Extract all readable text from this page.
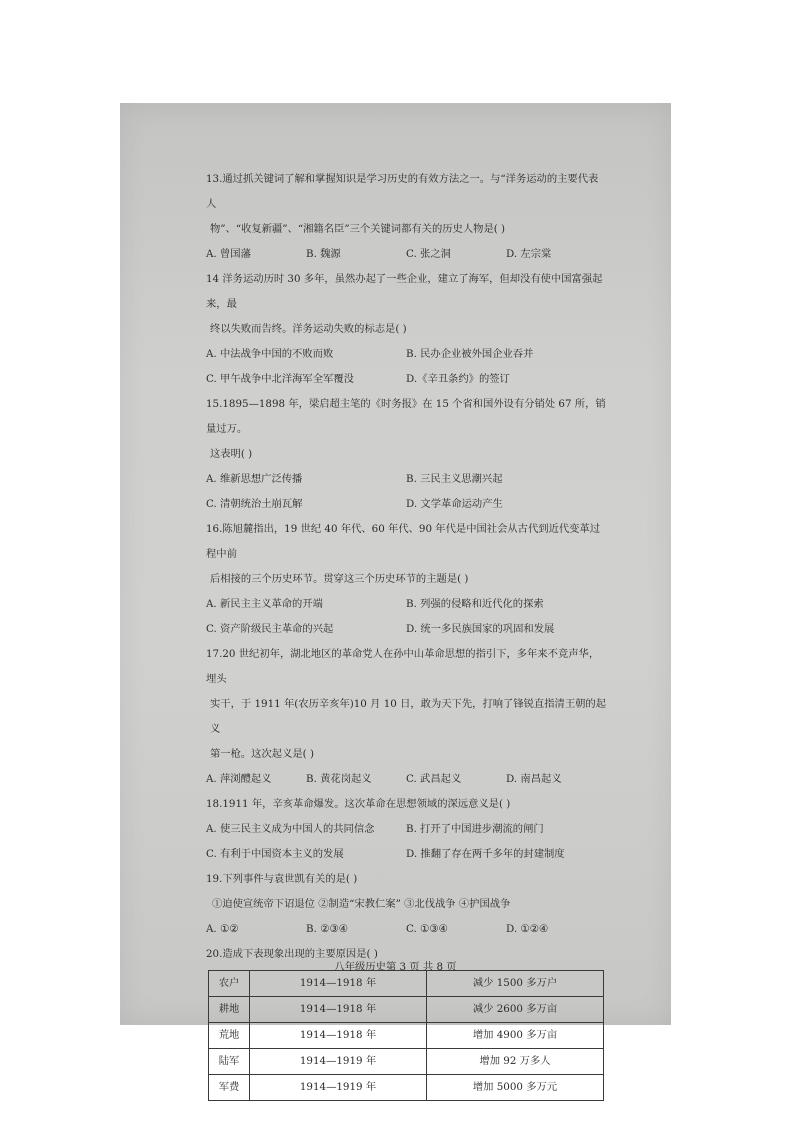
13.通过抓关键词了解和掌握知识是学习历史的有效方法之一。与“洋务运动的主要代表人

物”、“收复新疆”、“湘籍名臣”三个关键词都有关的历史人物是( )

A. 曾国藩	B. 魏源	C. 张之洞	D. 左宗棠

14 洋务运动历时 30 多年，虽然办起了一些企业，建立了海军，但却没有使中国富强起来，最

终以失败而告终。洋务运动失败的标志是( )

A. 中法战争中国的不败而败	B. 民办企业被外国企业吞并
C. 甲午战争中北洋海军全军覆没	D.《辛丑条约》的签订

15.1895—1898 年，梁启超主笔的《时务报》在 15 个省和国外设有分销处 67 所，销量过万。

这表明( )

A. 维新思想广泛传播	B. 三民主义思潮兴起
C. 清朝统治土崩瓦解	D. 文学革命运动产生

16.陈旭麓指出，19 世纪 40 年代、60 年代、90 年代是中国社会从古代到近代变革过程中前

后相接的三个历史环节。贯穿这三个历史环节的主题是( )

A. 新民主主义革命的开端	B. 列强的侵略和近代化的探索
C. 资产阶级民主革命的兴起	D. 统一多民族国家的巩固和发展

17.20 世纪初年，湖北地区的革命党人在孙中山革命思想的指引下，多年来不竞声华，埋头

实干，于 1911 年(农历辛亥年)10 月 10 日，敢为天下先，打响了锋锐直指清王朝的起义

第一枪。这次起义是( )

A. 萍浏醴起义	B. 黄花岗起义	C. 武昌起义	D. 南昌起义

18.1911 年，辛亥革命爆发。这次革命在思想领域的深远意义是( )

A. 使三民主义成为中国人的共同信念	B. 打开了中国进步潮流的闸门
C. 有利于中国资本主义的发展	D. 推翻了存在两千多年的封建制度

19.下列事件与袁世凯有关的是( )

①迫使宣统帝下诏退位 ②制造“宋教仁案” ③北伐战争 ④护国战争

A. ①②	B. ②③④	C. ①③④	D. ①②④

20.造成下表现象出现的主要原因是( )

农户	1914—1918 年	减少 1500 多万户
耕地	1914—1918 年	减少 2600 多万亩
荒地	1914—1918 年	增加 4900 多万亩
陆军	1914—1919 年	增加 92 万多人
军费	1914—1919 年	增加 5000 多万元
八年级历史第 3 页 共 8 页
